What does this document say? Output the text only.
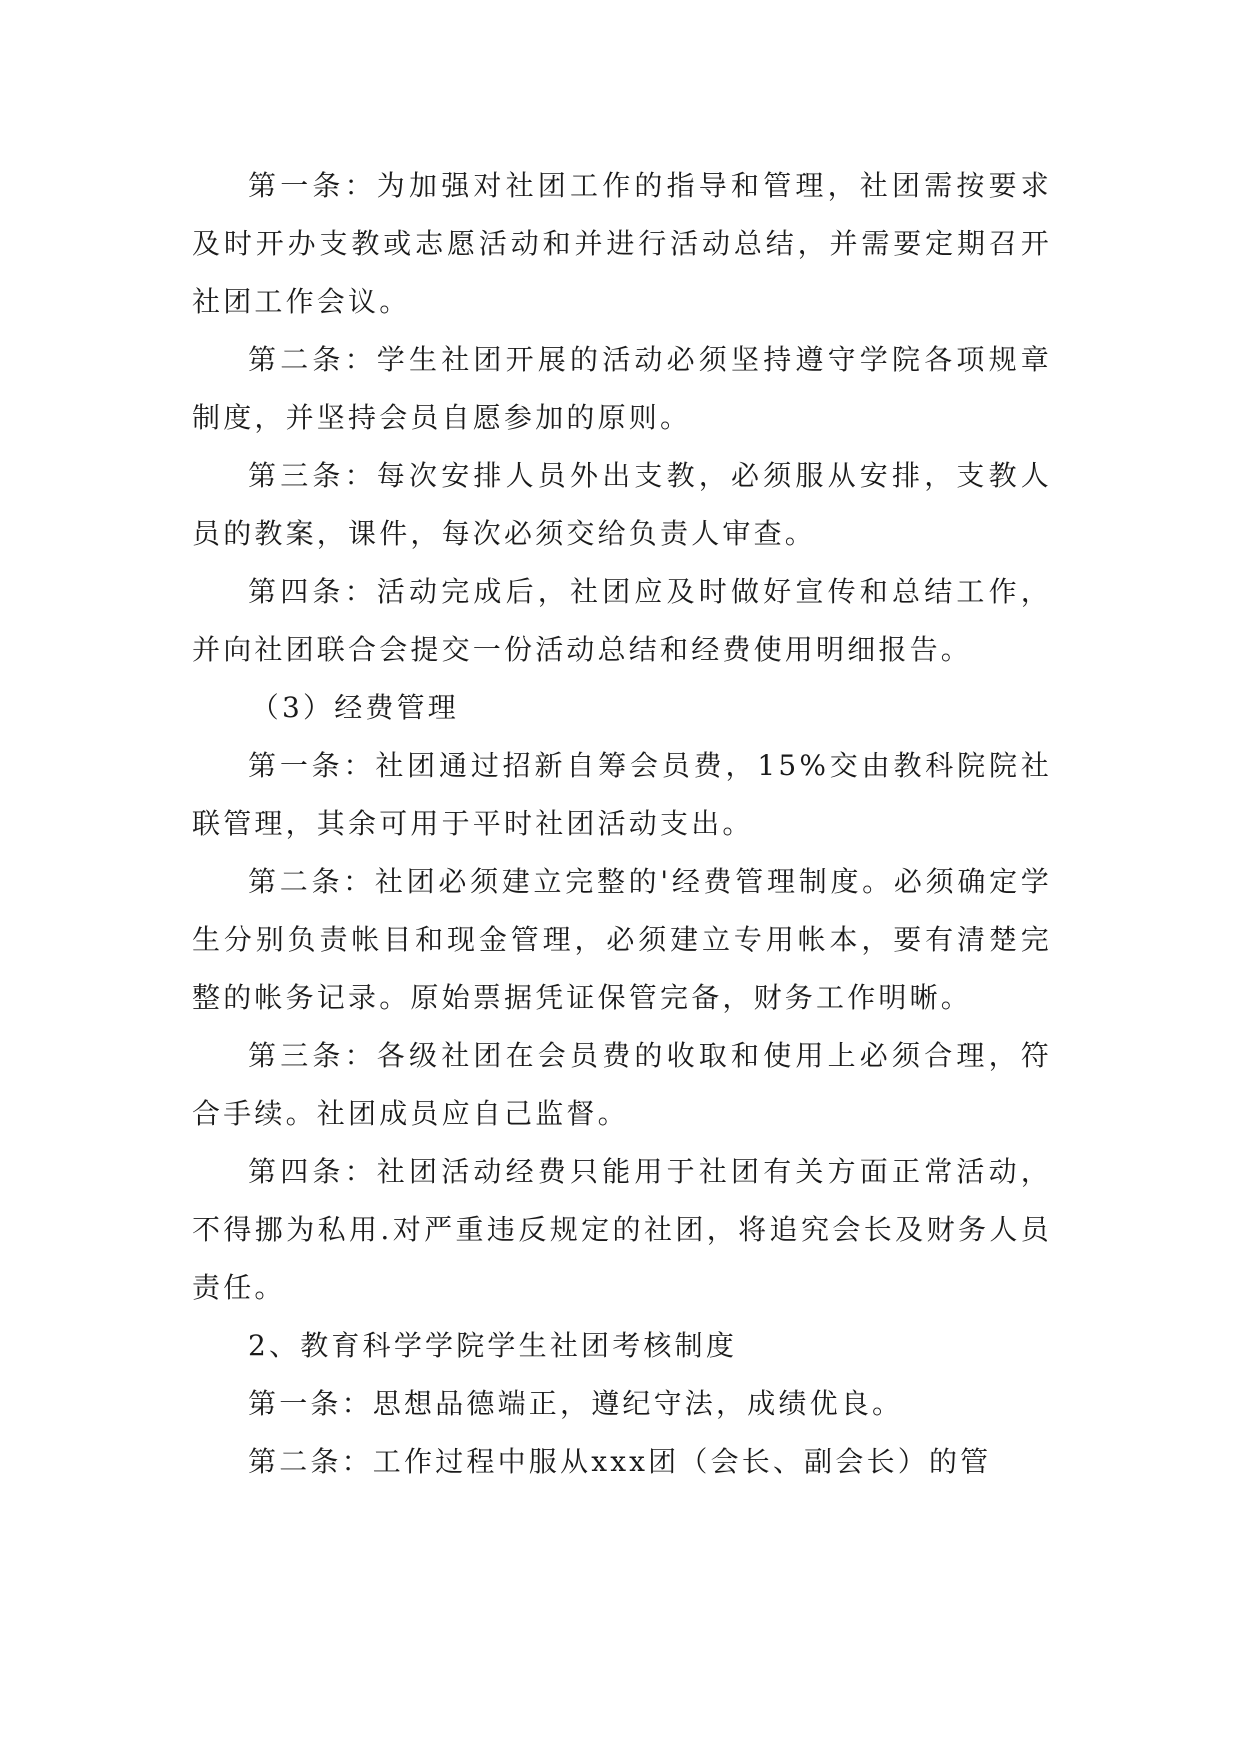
第一条：为加强对社团工作的指导和管理，社团需按要求及时开办支教或志愿活动和并进行活动总结，并需要定期召开社团工作会议。

第二条：学生社团开展的活动必须坚持遵守学院各项规章制度，并坚持会员自愿参加的原则。

第三条：每次安排人员外出支教，必须服从安排，支教人员的教案，课件，每次必须交给负责人审查。

第四条：活动完成后，社团应及时做好宣传和总结工作，并向社团联合会提交一份活动总结和经费使用明细报告。

（3）经费管理

第一条：社团通过招新自筹会员费，15%交由教科院院社联管理，其余可用于平时社团活动支出。

第二条：社团必须建立完整的'经费管理制度。必须确定学生分别负责帐目和现金管理，必须建立专用帐本，要有清楚完整的帐务记录。原始票据凭证保管完备，财务工作明晰。

第三条：各级社团在会员费的收取和使用上必须合理，符合手续。社团成员应自己监督。

第四条：社团活动经费只能用于社团有关方面正常活动，不得挪为私用.对严重违反规定的社团，将追究会长及财务人员责任。

2、教育科学学院学生社团考核制度

第一条：思想品德端正，遵纪守法，成绩优良。

第二条：工作过程中服从xxx团（会长、副会长）的管
